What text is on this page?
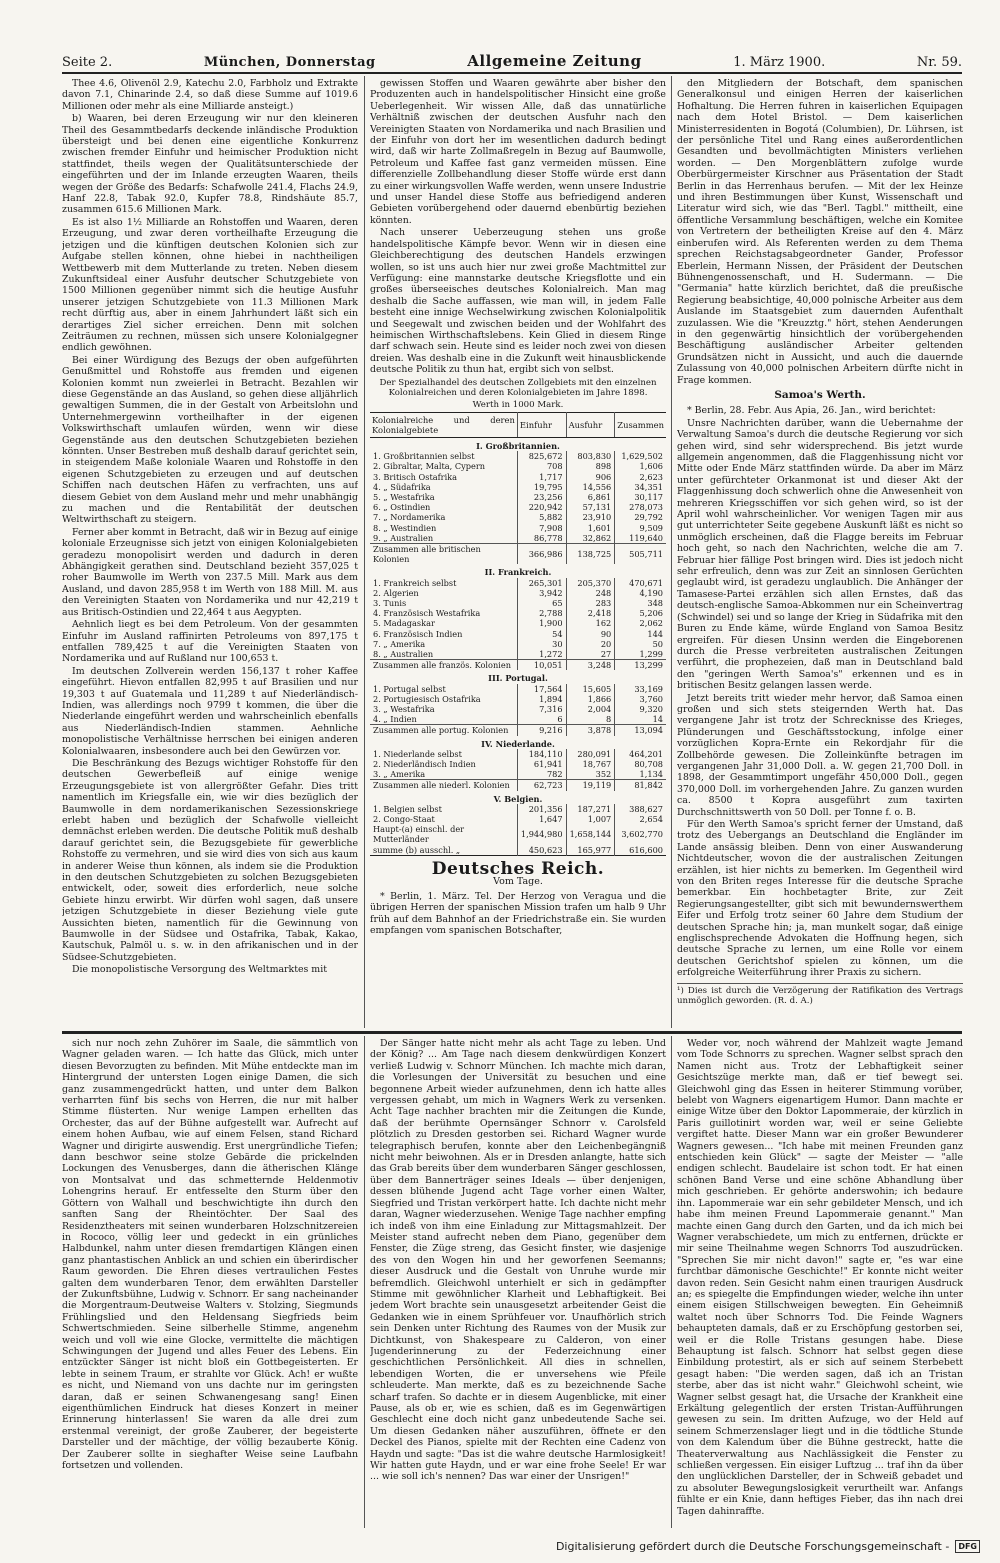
Seite 2.	München, Donnerstag	Allgemeine Zeitung	1. März 1900.	Nr. 59.

Thee 4.6, Olivenöl 2.9, Katechu 2.0, Farbholz und Extrakte davon 7.1, Chinarinde 2.4, so daß diese Summe auf 1019.6 Millionen oder mehr als eine Milliarde ansteigt.)

b) Waaren, bei deren Erzeugung wir nur den kleineren Theil des Gesammtbedarfs deckende inländische Produktion übersteigt und bei denen eine eigentliche Konkurrenz zwischen fremder Einfuhr und heimischer Produktion nicht stattfindet, theils wegen der Qualitätsunterschiede der eingeführten und der im Inlande erzeugten Waaren, theils wegen der Größe des Bedarfs: Schafwolle 241.4, Flachs 24.9, Hanf 22.8, Tabak 92.0, Kupfer 78.8, Rindshäute 85.7, zusammen 615.6 Millionen Mark.

Es ist also 1½ Milliarde an Rohstoffen und Waaren, deren Erzeugung, und zwar deren vortheilhafte Erzeugung die jetzigen und die künftigen deutschen Kolonien sich zur Aufgabe stellen können, ohne hiebei in nachtheiligen Wettbewerb mit dem Mutterlande zu treten. Neben diesem Zukunftsideal einer Ausfuhr deutscher Schutzgebiete von 1500 Millionen gegenüber nimmt sich die heutige Ausfuhr unserer jetzigen Schutzgebiete von 11.3 Millionen Mark recht dürftig aus, aber in einem Jahrhundert läßt sich ein derartiges Ziel sicher erreichen. Denn mit solchen Zeiträumen zu rechnen, müssen sich unsere Kolonialgegner endlich gewöhnen.

Bei einer Würdigung des Bezugs der oben aufgeführten Genußmittel und Rohstoffe aus fremden und eigenen Kolonien kommt nun zweierlei in Betracht. Bezahlen wir diese Gegenstände an das Ausland, so gehen diese alljährlich gewaltigen Summen, die in der Gestalt von Arbeitslohn und Unternehmergewinn vortheilhafter in der eigenen Volkswirthschaft umlaufen würden, wenn wir diese Gegenstände aus den deutschen Schutzgebieten beziehen könnten. Unser Bestreben muß deshalb darauf gerichtet sein, in steigendem Maße koloniale Waaren und Rohstoffe in den eigenen Schutzgebieten zu erzeugen und auf deutschen Schiffen nach deutschen Häfen zu verfrachten, uns auf diesem Gebiet von dem Ausland mehr und mehr unabhängig zu machen und die Rentabilität der deutschen Weltwirthschaft zu steigern.

Ferner aber kommt in Betracht, daß wir in Bezug auf einige koloniale Erzeugnisse sich jetzt von einigen Kolonialgebieten geradezu monopolisirt werden und dadurch in deren Abhängigkeit gerathen sind. Deutschland bezieht 357,025 t roher Baumwolle im Werth von 237.5 Mill. Mark aus dem Ausland, und davon 285,958 t im Werth von 188 Mill. M. aus den Vereinigten Staaten von Nordamerika und nur 42,219 t aus Britisch-Ostindien und 22,464 t aus Aegypten.

Aehnlich liegt es bei dem Petroleum. Von der gesammten Einfuhr im Ausland raffinirten Petroleums von 897,175 t entfallen 789,425 t auf die Vereinigten Staaten von Nordamerika und auf Rußland nur 100,653 t.

Im deutschen Zollverein werden 156,137 t roher Kaffee eingeführt. Hievon entfallen 82,995 t auf Brasilien und nur 19,303 t auf Guatemala und 11,289 t auf Niederländisch-Indien, was allerdings noch 9799 t kommen, die über die Niederlande eingeführt werden und wahrscheinlich ebenfalls aus Niederländisch-Indien stammen. Aehnliche monopolistische Verhältnisse herrschen bei einigen anderen Kolonialwaaren, insbesondere auch bei den Gewürzen vor.

Die Beschränkung des Bezugs wichtiger Rohstoffe für den deutschen Gewerbefleiß auf einige wenige Erzeugungsgebiete ist von allergrößter Gefahr. Dies tritt namentlich im Kriegsfalle ein, wie wir dies bezüglich der Baumwolle in dem nordamerikanischen Sezessionskriege erlebt haben und bezüglich der Schafwolle vielleicht demnächst erleben werden. Die deutsche Politik muß deshalb darauf gerichtet sein, die Bezugsgebiete für gewerbliche Rohstoffe zu vermehren, und sie wird dies von sich aus kaum in anderer Weise thun können, als indem sie die Produktion in den deutschen Schutzgebieten zu solchen Bezugsgebieten entwickelt, oder, soweit dies erforderlich, neue solche Gebiete hinzu erwirbt. Wir dürfen wohl sagen, daß unsere jetzigen Schutzgebiete in dieser Beziehung viele gute Aussichten bieten, namentlich für die Gewinnung von Baumwolle in der Südsee und Ostafrika, Tabak, Kakao, Kautschuk, Palmöl u. s. w. in den afrikanischen und in der Südsee-Schutzgebieten.

Die monopolistische Versorgung des Weltmarktes mit

gewissen Stoffen und Waaren gewährte aber bisher den Produzenten auch in handelspolitischer Hinsicht eine große Ueberlegenheit. Wir wissen Alle, daß das unnatürliche Verhältniß zwischen der deutschen Ausfuhr nach den Vereinigten Staaten von Nordamerika und nach Brasilien und der Einfuhr von dort her im wesentlichen dadurch bedingt wird, daß wir harte Zollmaßregeln in Bezug auf Baumwolle, Petroleum und Kaffee fast ganz vermeiden müssen. Eine differenzielle Zollbehandlung dieser Stoffe würde erst dann zu einer wirkungsvollen Waffe werden, wenn unsere Industrie und unser Handel diese Stoffe aus befriedigend anderen Gebieten vorübergehend oder dauernd ebenbürtig beziehen könnten.

Nach unserer Ueberzeugung stehen uns große handelspolitische Kämpfe bevor. Wenn wir in diesen eine Gleichberechtigung des deutschen Handels erzwingen wollen, so ist uns auch hier nur zwei große Machtmittel zur Verfügung: eine mannstarke deutsche Kriegsflotte und ein großes überseeisches deutsches Kolonialreich. Man mag deshalb die Sache auffassen, wie man will, in jedem Falle besteht eine innige Wechselwirkung zwischen Kolonialpolitik und Seegewalt und zwischen beiden und der Wohlfahrt des heimischen Wirthschaftslebens. Kein Glied in diesem Ringe darf schwach sein. Heute sind es leider noch zwei von diesen dreien. Was deshalb eine in die Zukunft weit hinausblickende deutsche Politik zu thun hat, ergibt sich von selbst.

Der Spezialhandel des deutschen Zollgebiets mit den einzelnen Kolonialreichen und deren Kolonialgebieten im Jahre 1898.
Werth in 1000 Mark.
Kolonialreiche und deren Kolonialgebiete	Einfuhr	Ausfuhr	Zusammen
I. Großbritannien.			
1. Großbritannien selbst	825,672	803,830	1,629,502
2. Gibraltar, Malta, Cypern	708	898	1,606
3. Britisch Ostafrika	1,717	906	2,623
4. „ Südafrika	19,795	14,556	34,351
5. „ Westafrika	23,256	6,861	30,117
6. „ Ostindien	220,942	57,131	278,073
7. „ Nordamerika	5,882	23,910	29,792
8. „ Westindien	7,908	1,601	9,509
9. „ Australien	86,778	32,862	119,640
Zusammen alle britischen Kolonien	366,986	138,725	505,711
II. Frankreich.			
1. Frankreich selbst	265,301	205,370	470,671
2. Algerien	3,942	248	4,190
3. Tunis	65	283	348
4. Französisch Westafrika	2,788	2,418	5,206
5. Madagaskar	1,900	162	2,062
6. Französisch Indien	54	90	144
7. „ Amerika	30	20	50
8. „ Australien	1,272	27	1,299
Zusammen alle französ. Kolonien	10,051	3,248	13,299
III. Portugal.			
1. Portugal selbst	17,564	15,605	33,169
2. Portugiesisch Ostafrika	1,894	1,866	3,760
3. „ Westafrika	7,316	2,004	9,320
4. „ Indien	6	8	14
Zusammen alle portug. Kolonien	9,216	3,878	13,094
IV. Niederlande.			
1. Niederlande selbst	184,110	280,091	464,201
2. Niederländisch Indien	61,941	18,767	80,708
3. „ Amerika	782	352	1,134
Zusammen alle niederl. Kolonien	62,723	19,119	81,842
V. Belgien.			
1. Belgien selbst	201,356	187,271	388,627
2. Congo-Staat	1,647	1,007	2,654
Haupt-(a) einschl. der Mutterländer	1,944,980	1,658,144	3,602,770
summe (b) ausschl. „	450,623	165,977	616,600
Deutsches Reich.
Vom Tage.

* Berlin, 1. März. Tel. Der Herzog von Veragua und die übrigen Herren der spanischen Mission trafen um halb 9 Uhr früh auf dem Bahnhof an der Friedrichstraße ein. Sie wurden empfangen vom spanischen Botschafter,

den Mitgliedern der Botschaft, dem spanischen Generalkonsul und einigen Herren der kaiserlichen Hofhaltung. Die Herren fuhren in kaiserlichen Equipagen nach dem Hotel Bristol. — Dem kaiserlichen Ministerresidenten in Bogotá (Columbien), Dr. Lührsen, ist der persönliche Titel und Rang eines außerordentlichen Gesandten und bevollmächtigten Ministers verliehen worden. — Den Morgenblättern zufolge wurde Oberbürgermeister Kirschner aus Präsentation der Stadt Berlin in das Herrenhaus berufen. — Mit der lex Heinze und ihren Bestimmungen über Kunst, Wissenschaft und Literatur wird sich, wie das "Berl. Tagbl." mittheilt, eine öffentliche Versammlung beschäftigen, welche ein Komitee von Vertretern der betheiligten Kreise auf den 4. März einberufen wird. Als Referenten werden zu dem Thema sprechen Reichstagsabgeordneter Gander, Professor Eberlein, Hermann Nissen, der Präsident der Deutschen Bühnengenossenschaft, und H. Sudermann. — Die "Germania" hatte kürzlich berichtet, daß die preußische Regierung beabsichtige, 40,000 polnische Arbeiter aus dem Auslande im Staatsgebiet zum dauernden Aufenthalt zuzulassen. Wie die "Kreuzztg." hört, stehen Aenderungen in den gegenwärtig hinsichtlich der vorübergehenden Beschäftigung ausländischer Arbeiter geltenden Grundsätzen nicht in Aussicht, und auch die dauernde Zulassung von 40,000 polnischen Arbeitern dürfte nicht in Frage kommen.

Samoa's Werth.

* Berlin, 28. Febr. Aus Apia, 26. Jan., wird berichtet:

Unsre Nachrichten darüber, wann die Uebernahme der Verwaltung Samoa's durch die deutsche Regierung vor sich gehen wird, sind sehr widersprechend. Bis jetzt wurde allgemein angenommen, daß die Flaggenhissung nicht vor Mitte oder Ende März stattfinden würde. Da aber im März unter gefürchteter Orkanmonat ist und dieser Akt der Flaggenhissung doch schwerlich ohne die Anwesenheit von mehreren Kriegsschiffen vor sich gehen wird, so ist der April wohl wahrscheinlicher. Vor wenigen Tagen mir aus gut unterrichteter Seite gegebene Auskunft läßt es nicht so unmöglich erscheinen, daß die Flagge bereits im Februar hoch geht, so nach den Nachrichten, welche die am 7. Februar hier fällige Post bringen wird. Dies ist jedoch nicht sehr erfreulich, denn was zur Zeit an sinnlosen Gerüchten geglaubt wird, ist geradezu unglaublich. Die Anhänger der Tamasese-Partei erzählen sich allen Ernstes, daß das deutsch-englische Samoa-Abkommen nur ein Scheinvertrag (Schwindel) sei und so lange der Krieg in Südafrika mit den Buren zu Ende käme, würde England von Samoa Besitz ergreifen. Für diesen Unsinn werden die Eingeborenen durch die Presse verbreiteten australischen Zeitungen verführt, die prophezeien, daß man in Deutschland bald den "geringen Werth Samoa's" erkennen und es in britischen Besitz gelangen lassen werde.

Jetzt bereits tritt wieder mehr hervor, daß Samoa einen großen und sich stets steigernden Werth hat. Das vergangene Jahr ist trotz der Schrecknisse des Krieges, Plünderungen und Geschäftsstockung, infolge einer vorzüglichen Kopra-Ernte ein Rekordjahr für die Zollbehörde gewesen. Die Zolleinkünfte betragen im vergangenen Jahr 31,000 Doll. a. W. gegen 21,700 Doll. in 1898, der Gesammtimport ungefähr 450,000 Doll., gegen 370,000 Doll. im vorhergehenden Jahre. Zu ganzen wurden ca. 8500 t Kopra ausgeführt zum taxirten Durchschnittswerth von 50 Doll. per Tonne f. o. B.

Für den Werth Samoa's spricht ferner der Umstand, daß trotz des Uebergangs an Deutschland die Engländer im Lande ansässig bleiben. Denn von einer Auswanderung Nichtdeutscher, wovon die der australischen Zeitungen erzählen, ist hier nichts zu bemerken. Im Gegentheil wird von den Briten reges Interesse für die deutsche Sprache bemerkbar. Ein hochbetagter Brite, zur Zeit Regierungsangestellter, gibt sich mit bewundernswerthem Eifer und Erfolg trotz seiner 60 Jahre dem Studium der deutschen Sprache hin; ja, man munkelt sogar, daß einige englischsprechende Advokaten die Hoffnung hegen, sich deutsche Sprache zu lernen, um eine Rolle vor einem deutschen Gerichtshof spielen zu können, um die erfolgreiche Weiterführung ihrer Praxis zu sichern.

¹) Dies ist durch die Verzögerung der Ratifikation des Vertrags unmöglich geworden. (R. d. A.)

sich nur noch zehn Zuhörer im Saale, die sämmtlich von Wagner geladen waren. — Ich hatte das Glück, mich unter diesen Bevorzugten zu befinden. Mit Mühe entdeckte man im Hintergrund der untersten Logen einige Damen, die sich ganz zusammengedrückt hatten, und unter dem Balkon verharrten fünf bis sechs von Herren, die nur mit halber Stimme flüsterten. Nur wenige Lampen erhellten das Orchester, das auf der Bühne aufgestellt war. Aufrecht auf einem hohen Aufbau, wie auf einem Felsen, stand Richard Wagner und dirigirte auswendig. Erst unergründliche Tiefen; dann beschwor seine stolze Gebärde die prickelnden Lockungen des Venusberges, dann die ätherischen Klänge von Montsalvat und das schmetternde Heldenmotiv Lohengrins herauf. Er entfesselte den Sturm über den Göttern von Walhall und beschwichtigte ihn durch den sanften Sang der Rheintöchter. Der Saal des Residenztheaters mit seinen wunderbaren Holzschnitzereien in Rococo, völlig leer und gedeckt in ein grünliches Halbdunkel, nahm unter diesen fremdartigen Klängen einen ganz phantastischen Anblick an und schien ein überirdischer Raum geworden. Die Ehren dieses vertraulichen Festes galten dem wunderbaren Tenor, dem erwählten Darsteller der Zukunftsbühne, Ludwig v. Schnorr. Er sang nacheinander die Morgentraum-Deutweise Walters v. Stolzing, Siegmunds Frühlingslied und den Heldensang Siegfrieds beim Schwertschmieden. Seine silberhelle Stimme, angenehm weich und voll wie eine Glocke, vermittelte die mächtigen Schwingungen der Jugend und alles Feuer des Lebens. Ein entzückter Sänger ist nicht bloß ein Gottbegeisterten. Er lebte in seinem Traum, er strahlte vor Glück. Ach! er wußte es nicht, und Niemand von uns dachte nur im geringsten daran, daß er seinen Schwanengesang sang! Einen eigenthümlichen Eindruck hat dieses Konzert in meiner Erinnerung hinterlassen! Sie waren da alle drei zum erstenmal vereinigt, der große Zauberer, der begeisterte Darsteller und der mächtige, der völlig bezauberte König. Der Zauberer sollte in sieghafter Weise seine Laufbahn fortsetzen und vollenden.

Der Sänger hatte nicht mehr als acht Tage zu leben. Und der König? ... Am Tage nach diesem denkwürdigen Konzert verließ Ludwig v. Schnorr München. Ich machte mich daran, die Vorlesungen der Universität zu besuchen und eine begonnene Arbeit wieder aufzunehmen, denn ich hatte alles vergessen gehabt, um mich in Wagners Werk zu versenken. Acht Tage nachher brachten mir die Zeitungen die Kunde, daß der berühmte Opernsänger Schnorr v. Carolsfeld plötzlich zu Dresden gestorben sei. Richard Wagner wurde telegraphisch berufen, konnte aber den Leichenbegängniß nicht mehr beiwohnen. Als er in Dresden anlangte, hatte sich das Grab bereits über dem wunderbaren Sänger geschlossen, über dem Bannerträger seines Ideals — über denjenigen, dessen blühende Jugend acht Tage vorher einen Walter, Siegfried und Tristan verkörpert hatte. Ich dachte nicht mehr daran, Wagner wiederzusehen. Wenige Tage nachher empfing ich indeß von ihm eine Einladung zur Mittagsmahlzeit. Der Meister stand aufrecht neben dem Piano, gegenüber dem Fenster, die Züge streng, das Gesicht finster, wie dasjenige des von den Wogen hin und her geworfenen Seemanns; dieser Ausdruck und die Gestalt von Unruhe wurde mir befremdlich. Gleichwohl unterhielt er sich in gedämpfter Stimme mit gewöhnlicher Klarheit und Lebhaftigkeit. Bei jedem Wort brachte sein unausgesetzt arbeitender Geist die Gedanken wie in einem Sprühfeuer vor. Unaufhörlich strich sein Denken unter Richtung des Raumes von der Musik zur Dichtkunst, von Shakespeare zu Calderon, von einer Jugenderinnerung zu der Federzeichnung einer geschichtlichen Persönlichkeit. All dies in schnellen, lebendigen Worten, die er unversehens wie Pfeile schleuderte. Man merkte, daß es zu bezeichnende Sache scharf trafen. So dachte er in diesem Augenblicke, mit einer Pause, als ob er, wie es schien, daß es im Gegenwärtigen Geschlecht eine doch nicht ganz unbedeutende Sache sei. Um diesen Gedanken näher auszuführen, öffnete er den Deckel des Pianos, spielte mit der Rechten eine Cadenz von Haydn und sagte: "Das ist die wahre deutsche Harmlosigkeit! Wir hatten gute Haydn, und er war eine frohe Seele! Er war ... wie soll ich's nennen? Das war einer der Unsrigen!"

Weder vor, noch während der Mahlzeit wagte Jemand vom Tode Schnorrs zu sprechen. Wagner selbst sprach den Namen nicht aus. Trotz der Lebhaftigkeit seiner Gesichtszüge merkte man, daß er tief bewegt sei. Gleichwohl ging das Essen in heiterer Stimmung vorüber, belebt von Wagners eigenartigem Humor. Dann machte er einige Witze über den Doktor Lapommeraie, der kürzlich in Paris guillotinirt worden war, weil er seine Geliebte vergiftet hatte. Dieser Mann war ein großer Bewunderer Wagners gewesen... "Ich habe mit meinen Freunden ganz entschieden kein Glück" — sagte der Meister — "alle endigen schlecht. Baudelaire ist schon todt. Er hat einen schönen Band Verse und eine schöne Abhandlung über mich geschrieben. Er gehörte anderswohin; ich bedaure ihn. Lapommeraie war ein sehr gebildeter Mensch, und ich habe ihm meinen Freund Lapommeraie genannt." Man machte einen Gang durch den Garten, und da ich mich bei Wagner verabschiedete, um mich zu entfernen, drückte er mir seine Theilnahme wegen Schnorrs Tod auszudrücken. "Sprechen Sie mir nicht davon!" sagte er, "es war eine furchtbar dämonische Geschichte!" Er konnte nicht weiter davon reden. Sein Gesicht nahm einen traurigen Ausdruck an; es spiegelte die Empfindungen wieder, welche ihn unter einem eisigen Stillschweigen bewegten. Ein Geheimniß waltet noch über Schnorrs Tod. Die Feinde Wagners behaupteten damals, daß er zu Erschöpfung gestorben sei, weil er die Rolle Tristans gesungen habe. Diese Behauptung ist falsch. Schnorr hat selbst gegen diese Einbildung protestirt, als er sich auf seinem Sterbebett gesagt haben: "Die werden sagen, daß ich an Tristan sterbe, aber das ist nicht wahr." Gleichwohl scheint, wie Wagner selbst gesagt hat, die Ursache der Krankheit eine Erkältung gelegentlich der ersten Tristan-Aufführungen gewesen zu sein. Im dritten Aufzuge, wo der Held auf seinem Schmerzenslager liegt und in die tödtliche Stunde von dem Kalendum über die Bühne gestreckt, hatte die Theaterverwaltung aus Nachlässigkeit die Fenster zu schließen vergessen. Ein eisiger Luftzug ... traf ihn da über den unglücklichen Darsteller, der in Schweiß gebadet und zu absoluter Bewegungslosigkeit verurtheilt war. Anfangs fühlte er ein Knie, dann heftiges Fieber, das ihn nach drei Tagen dahinraffte.

Digitalisierung gefördert durch die Deutsche Forschungsgemeinschaft -	DFG
